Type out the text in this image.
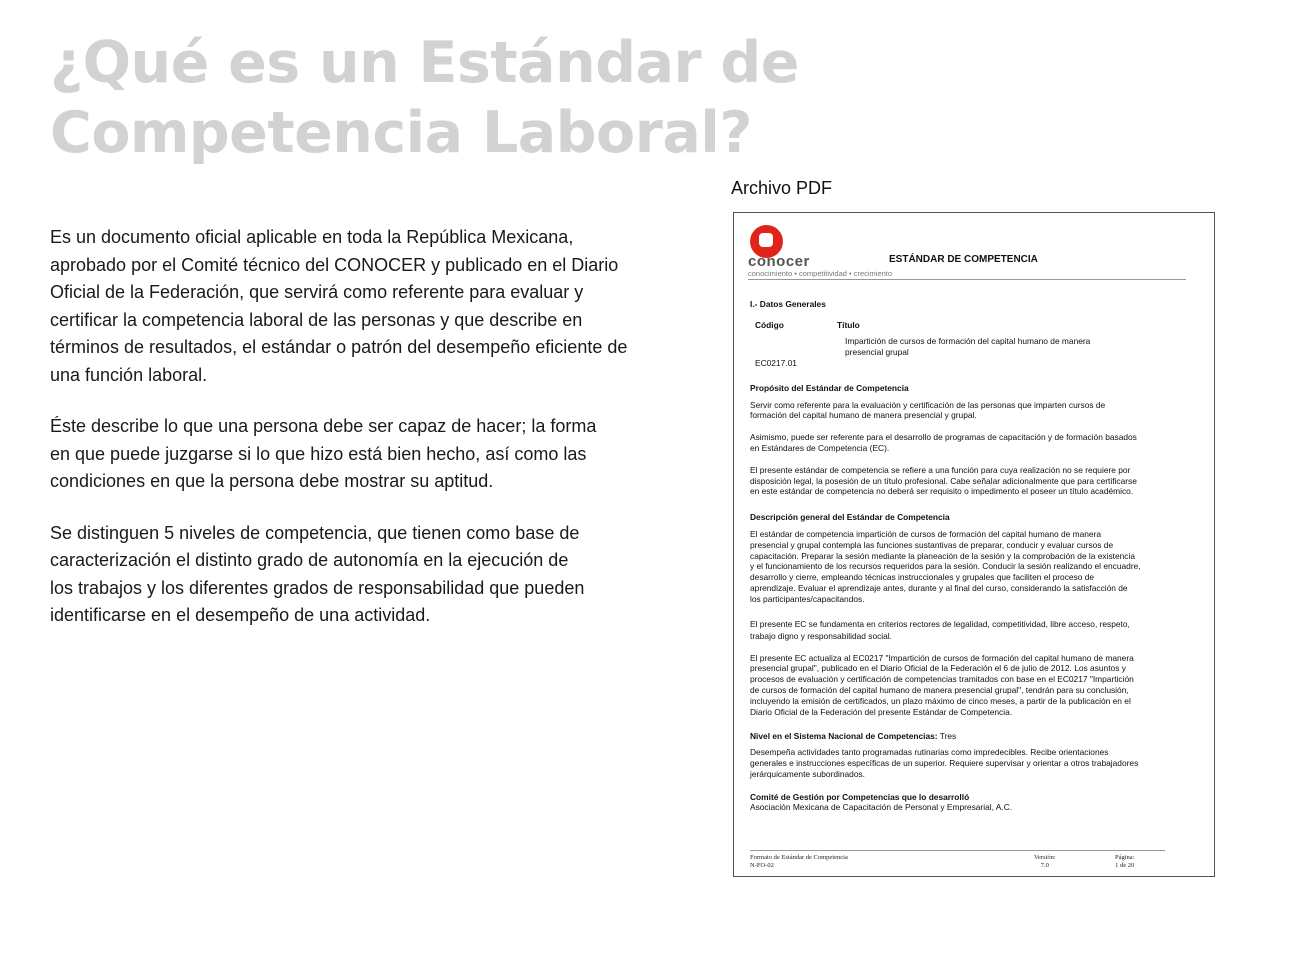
¿Qué es un Estándar de
Competencia Laboral?

Es un documento oficial aplicable en toda la República Mexicana,
aprobado por el Comité técnico del CONOCER y publicado en el Diario
Oficial de la Federación, que servirá como referente para evaluar y
certificar la competencia laboral de las personas y que describe en
términos de resultados, el estándar o patrón del desempeño eficiente de
una función laboral.

Éste describe lo que una persona debe ser capaz de hacer; la forma
en que puede juzgarse si lo que hizo está bien hecho, así como las
condiciones en que la persona debe mostrar su aptitud.

Se distinguen 5 niveles de competencia, que tienen como base de
caracterización el distinto grado de autonomía en la ejecución de
los trabajos y los diferentes grados de responsabilidad que pueden
identificarse en el desempeño de una actividad.

Archivo PDF
conocer
conocimiento • competitividad • crecimiento
ESTÁNDAR DE COMPETENCIA
I.- Datos Generales
Código	Título
Impartición de cursos de formación del capital humano de manera
presencial grupal
EC0217.01
Propósito del Estándar de Competencia

Servir como referente para la evaluación y certificación de las personas que imparten cursos de
formación del capital humano de manera presencial y grupal.

Asimismo, puede ser referente para el desarrollo de programas de capacitación y de formación basados
en Estándares de Competencia (EC).

El presente estándar de competencia se refiere a una función para cuya realización no se requiere por
disposición legal, la posesión de un título profesional. Cabe señalar adicionalmente que para certificarse
en este estándar de competencia no deberá ser requisito o impedimento el poseer un título académico.

Descripción general del Estándar de Competencia

El estándar de competencia impartición de cursos de formación del capital humano de manera
presencial y grupal contempla las funciones sustantivas de preparar, conducir y evaluar cursos de
capacitación. Preparar la sesión mediante la planeación de la sesión y la comprobación de la existencia
y el funcionamiento de los recursos requeridos para la sesión. Conducir la sesión realizando el encuadre,
desarrollo y cierre, empleando técnicas instruccionales y grupales que faciliten el proceso de
aprendizaje. Evaluar el aprendizaje antes, durante y al final del curso, considerando la satisfacción de
los participantes/capacitandos.

El presente EC se fundamenta en criterios rectores de legalidad, competitividad, libre acceso, respeto,
trabajo digno y responsabilidad social.

El presente EC actualiza al EC0217 "Impartición de cursos de formación del capital humano de manera
presencial grupal", publicado en el Diario Oficial de la Federación el 6 de julio de 2012. Los asuntos y
procesos de evaluación y certificación de competencias tramitados con base en el EC0217 "Impartición
de cursos de formación del capital humano de manera presencial grupal", tendrán para su conclusión,
incluyendo la emisión de certificados, un plazo máximo de cinco meses, a partir de la publicación en el
Diario Oficial de la Federación del presente Estándar de Competencia.

Nivel en el Sistema Nacional de Competencias: Tres

Desempeña actividades tanto programadas rutinarias como impredecibles. Recibe orientaciones
generales e instrucciones específicas de un superior. Requiere supervisar y orientar a otros trabajadores
jerárquicamente subordinados.

Comité de Gestión por Competencias que lo desarrolló
Asociación Mexicana de Capacitación de Personal y Empresarial, A.C.
Formato de Estándar de Competencia
N-FO-02
Versión:
7.0
Página:
1 de 20
